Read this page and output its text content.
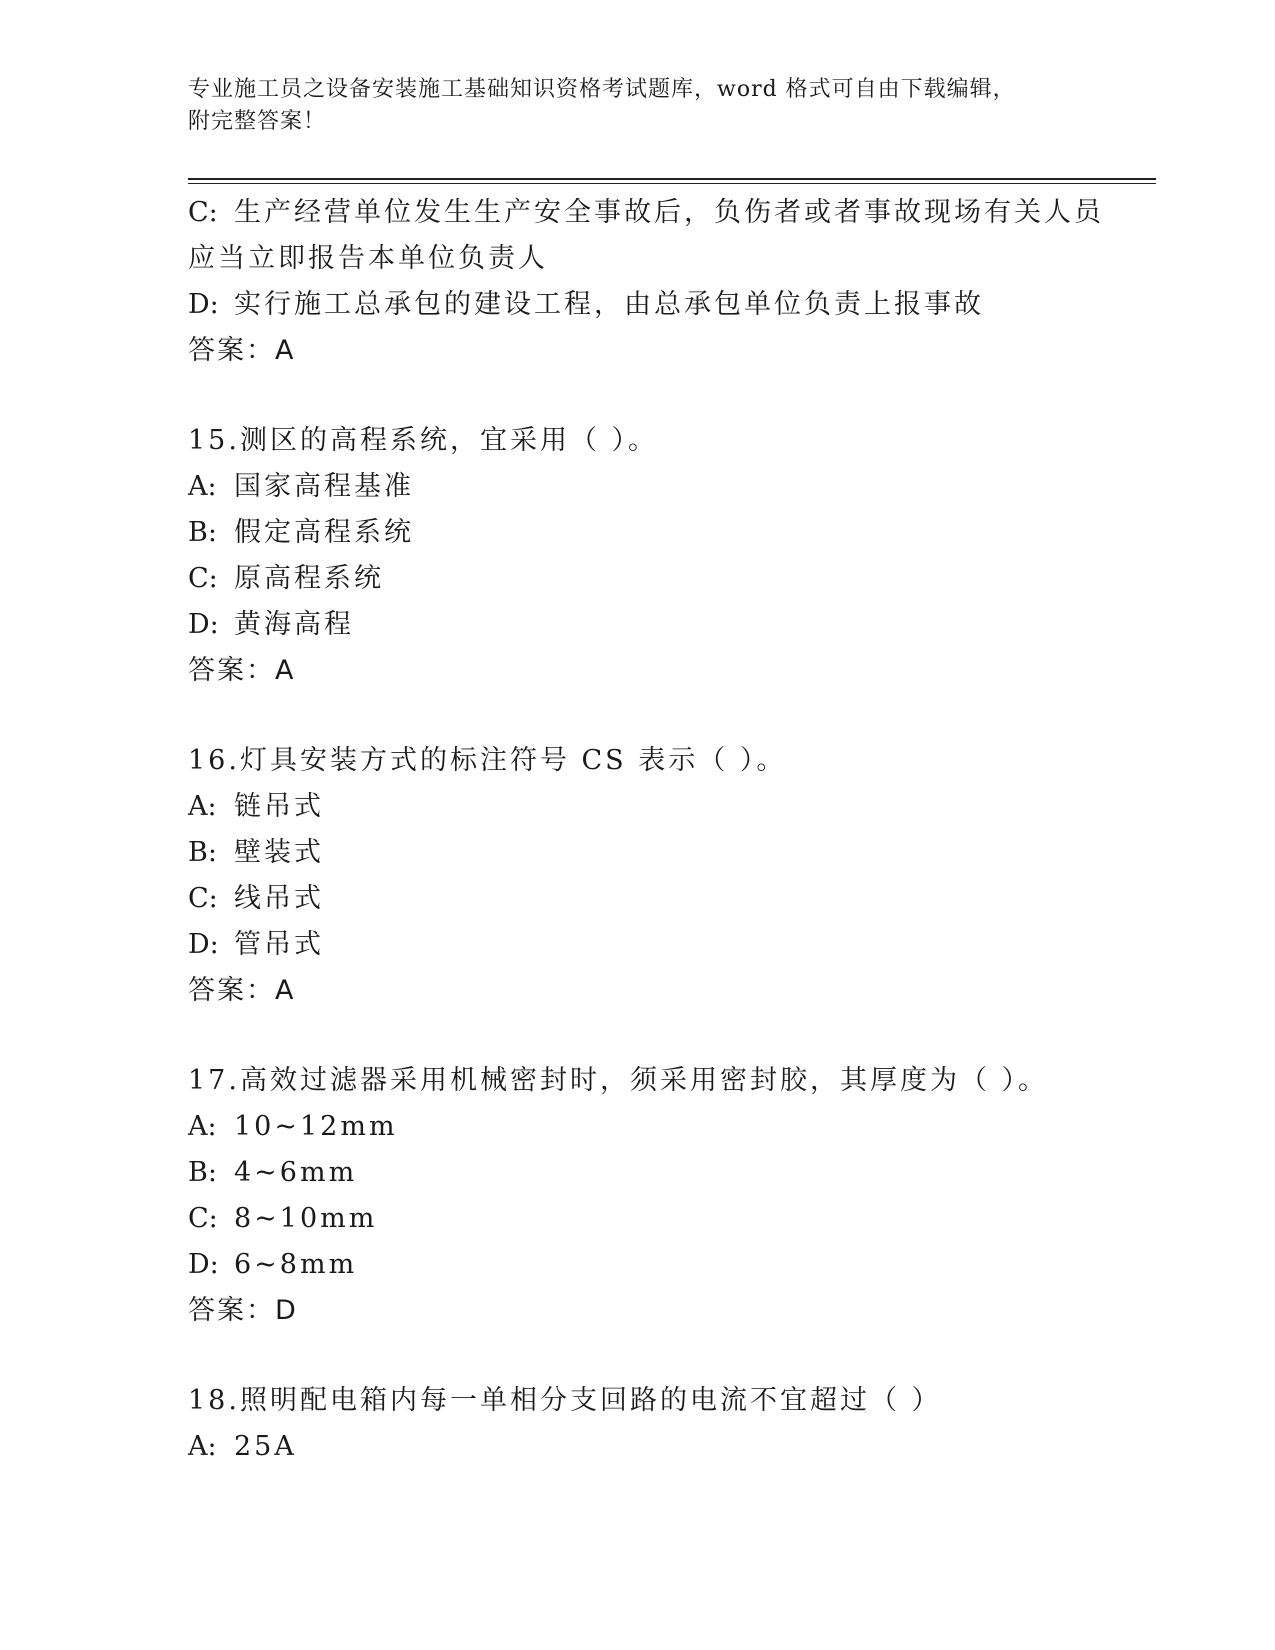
专业施工员之设备安装施工基础知识资格考试题库，word 格式可自由下载编辑，
附完整答案！
C: 生产经营单位发生生产安全事故后，负伤者或者事故现场有关人员
应当立即报告本单位负责人
D: 实行施工总承包的建设工程，由总承包单位负责上报事故
答案：A
15.测区的高程系统，宜采用（ ）。
A: 国家高程基准
B: 假定高程系统
C: 原高程系统
D: 黄海高程
答案：A
16.灯具安装方式的标注符号 CS 表示（ ）。
A: 链吊式
B: 壁装式
C: 线吊式
D: 管吊式
答案：A
17.高效过滤器采用机械密封时，须采用密封胶，其厚度为（ ）。
A: 10~12mm
B: 4~6mm
C: 8~10mm
D: 6~8mm
答案：D
18.照明配电箱内每一单相分支回路的电流不宜超过（ ）
A: 25A
